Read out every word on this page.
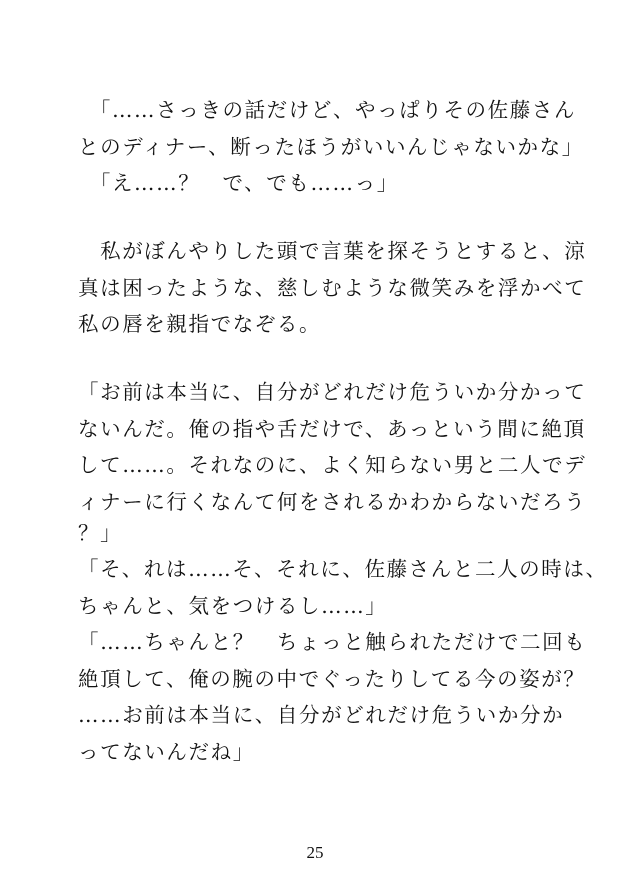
　「……さっきの話だけど、やっぱりその佐藤さん
とのディナー、断ったほうがいいんじゃないかな」
　「え……？　で、でも……っ」
　私がぼんやりした頭で言葉を探そうとすると、涼
真は困ったような、慈しむような微笑みを浮かべて
私の唇を親指でなぞる。
「お前は本当に、自分がどれだけ危ういか分かって
ないんだ。俺の指や舌だけで、あっという間に絶頂
して……。それなのに、よく知らない男と二人でデ
ィナーに行くなんて何をされるかわからないだろう
？」
「そ、れは……そ、それに、佐藤さんと二人の時は、
ちゃんと、気をつけるし……」
「……ちゃんと？　ちょっと触られただけで二回も
絶頂して、俺の腕の中でぐったりしてる今の姿が？
……お前は本当に、自分がどれだけ危ういか分か
ってないんだね」
25
